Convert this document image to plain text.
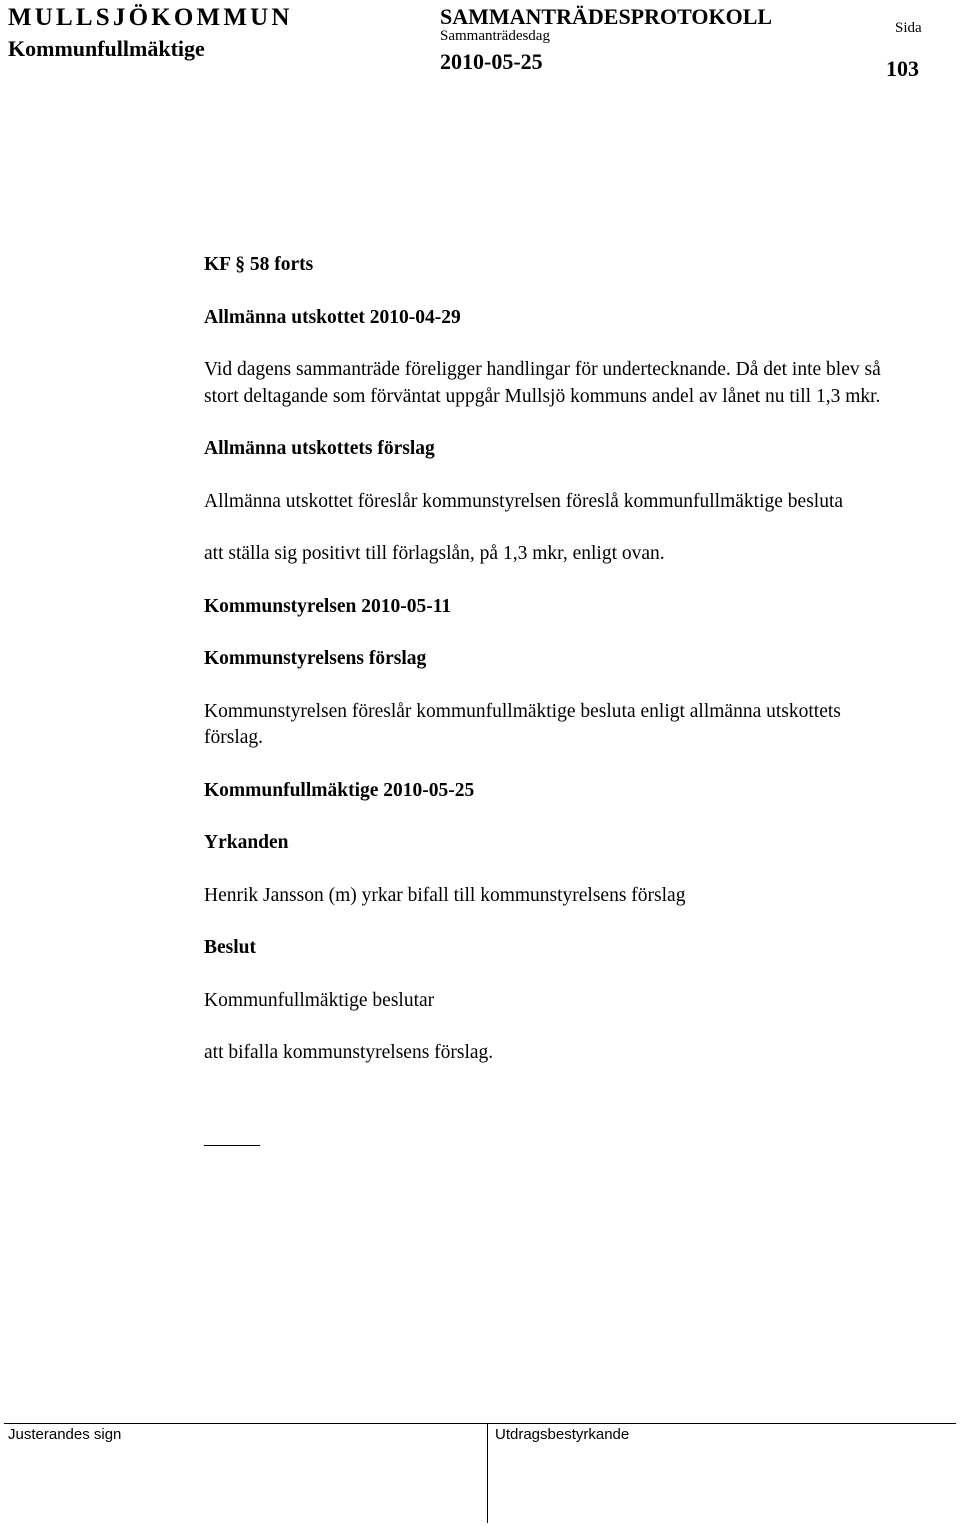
MULLSJÖKOMMUN
Kommunfullmäktige
SAMMANTRÄDESPROTOKOLL
Sammanträdesdag
2010-05-25
Sida
103

KF § 58 forts

Allmänna utskottet 2010-04-29

Vid dagens sammanträde föreligger handlingar för undertecknande. Då det inte blev så stort deltagande som förväntat uppgår Mullsjö kommuns andel av lånet nu till 1,3 mkr.

Allmänna utskottets förslag

Allmänna utskottet föreslår kommunstyrelsen föreslå kommunfullmäktige besluta

att ställa sig positivt till förlagslån, på 1,3 mkr, enligt ovan.

Kommunstyrelsen 2010-05-11

Kommunstyrelsens förslag

Kommunstyrelsen föreslår kommunfullmäktige besluta enligt allmänna utskottets förslag.

Kommunfullmäktige 2010-05-25

Yrkanden

Henrik Jansson (m) yrkar bifall till kommunstyrelsens förslag

Beslut

Kommunfullmäktige beslutar

att bifalla kommunstyrelsens förslag.

Justerandes sign	Utdragsbestyrkande
